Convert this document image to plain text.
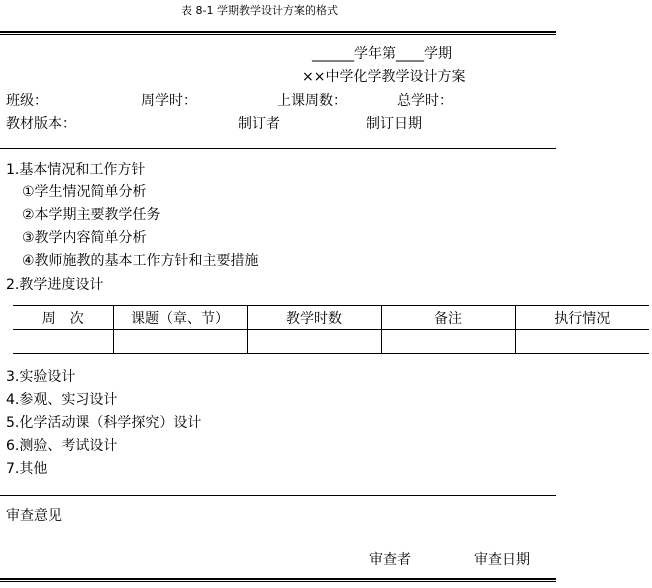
表 8-1 学期教学设计方案的格式
______学年第____学期
××中学化学教学设计方案
班级：	周学时：	上课周数：	总学时：
教材版本：	制订者	制订日期
1.基本情况和工作方针
①学生情况简单分析
②本学期主要教学任务
③教学内容简单分析
④教师施教的基本工作方针和主要措施
2.教学进度设计
周　次	课题（章、节）	教学时数	备注	执行情况

3.实验设计
4.参观、实习设计
5.化学活动课（科学探究）设计
6.测验、考试设计
7.其他
审查意见
审查者	审查日期
